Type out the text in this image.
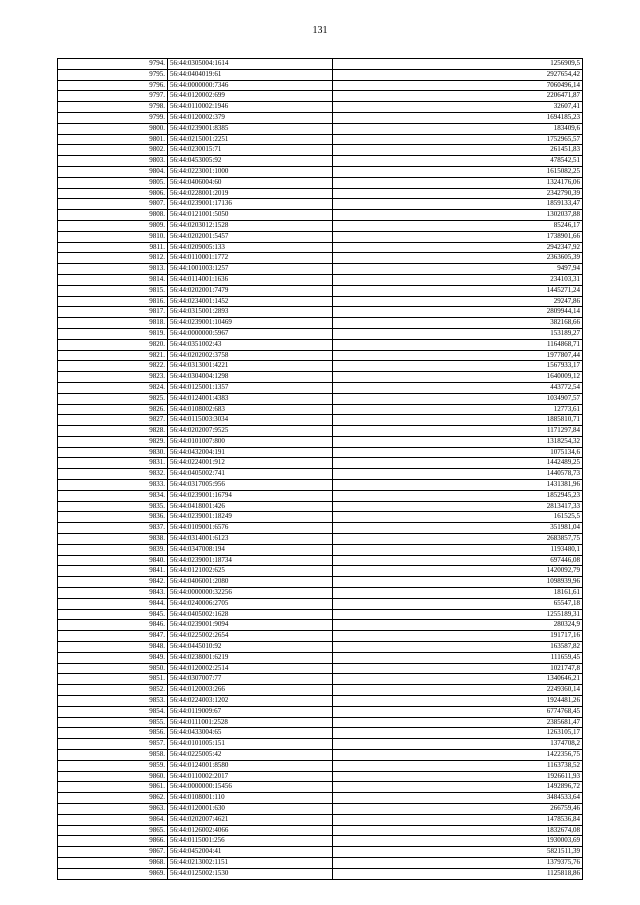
131
9794.	56:44:0305004:1614	1256909,5
9795.	56:44:0404019:61	2927654,42
9796.	56:44:0000000:7346	7060496,14
9797.	56:44:0120002:699	2206471,87
9798.	56:44:0110002:1946	32607,41
9799.	56:44:0120002:379	1694185,23
9800.	56:44:0239001:8385	183409,6
9801.	56:44:0215001:2251	1752965,57
9802.	56:44:0230015:71	261451,83
9803.	56:44:0453005:92	478542,51
9804.	56:44:0223001:1000	1615082,25
9805.	56:44:0406004:60	1324176,06
9806.	56:44:0228001:2019	2342790,39
9807.	56:44:0239001:17136	1859133,47
9808.	56:44:0121001:5050	1302037,88
9809.	56:44:0203012:1528	85246,17
9810.	56:44:0202001:5457	1738901,66
9811.	56:44:0209005:133	2942347,92
9812.	56:44:0110001:1772	2363605,39
9813.	56:44:1001003:1257	9497,94
9814.	56:44:0114001:1636	234103,31
9815.	56:44:0202001:7479	1445271,24
9816.	56:44:0234001:1452	29247,86
9817.	56:44:0315001:2893	2809944,14
9818.	56:44:0239001:10469	382168,66
9819.	56:44:0000000:5967	153189,27
9820.	56:44:0351002:43	1164868,71
9821.	56:44:0202002:3758	1977807,44
9822.	56:44:0313001:4221	1567933,17
9823.	56:44:0304004:1298	1640009,12
9824.	56:44:0125001:1357	443772,54
9825.	56:44:0124001:4383	1034907,57
9826.	56:44:0108002:683	12773,61
9827.	56:44:0115003:3034	1885810,71
9828.	56:44:0202007:9525	1171297,84
9829.	56:44:0101007:800	1318254,32
9830.	56:44:0432004:191	1075134,6
9831.	56:44:0224001:912	1442489,25
9832.	56:44:0405002:741	1440578,73
9833.	56:44:0317005:956	1431381,96
9834.	56:44:0239001:16794	1852945,23
9835.	56:44:0418001:426	2813417,33
9836.	56:44:0239001:18249	161525,5
9837.	56:44:0109001:6576	351981,04
9838.	56:44:0314001:6123	2683857,75
9839.	56:44:0347008:194	1193480,1
9840.	56:44:0239001:18734	697446,08
9841.	56:44:0121002:625	1420092,79
9842.	56:44:0406001:2080	1098939,96
9843.	56:44:0000000:32256	18161,61
9844.	56:44:0240006:2705	65547,18
9845.	56:44:0405002:1628	1255189,31
9846.	56:44:0239001:9094	280324,9
9847.	56:44:0225002:2654	191717,16
9848.	56:44:0445010:92	163587,82
9849.	56:44:0238001:6219	111659,45
9850.	56:44:0120002:2514	1021747,8
9851.	56:44:0307007:77	1340646,21
9852.	56:44:0120003:266	2249360,14
9853.	56:44:0224003:1202	1924481,26
9854.	56:44:0119009:67	6774768,45
9855.	56:44:0111001:2528	2385681,47
9856.	56:44:0433004:65	1263105,17
9857.	56:44:0101005:151	1374708,2
9858.	56:44:0225005:42	1422356,75
9859.	56:44:0124001:8580	1163738,52
9860.	56:44:0110002:2017	1926611,93
9861.	56:44:0000000:15456	1492896,72
9862.	56:44:0108001:110	3484533,64
9863.	56:44:0120001:630	266759,46
9864.	56:44:0202007:4621	1478536,84
9865.	56:44:0126002:4066	1832674,08
9866.	56:44:0115001:256	1930003,69
9867.	56:44:0452004:41	5821511,39
9868.	56:44:0213002:1151	1379375,76
9869.	56:44:0125002:1530	1125818,86
